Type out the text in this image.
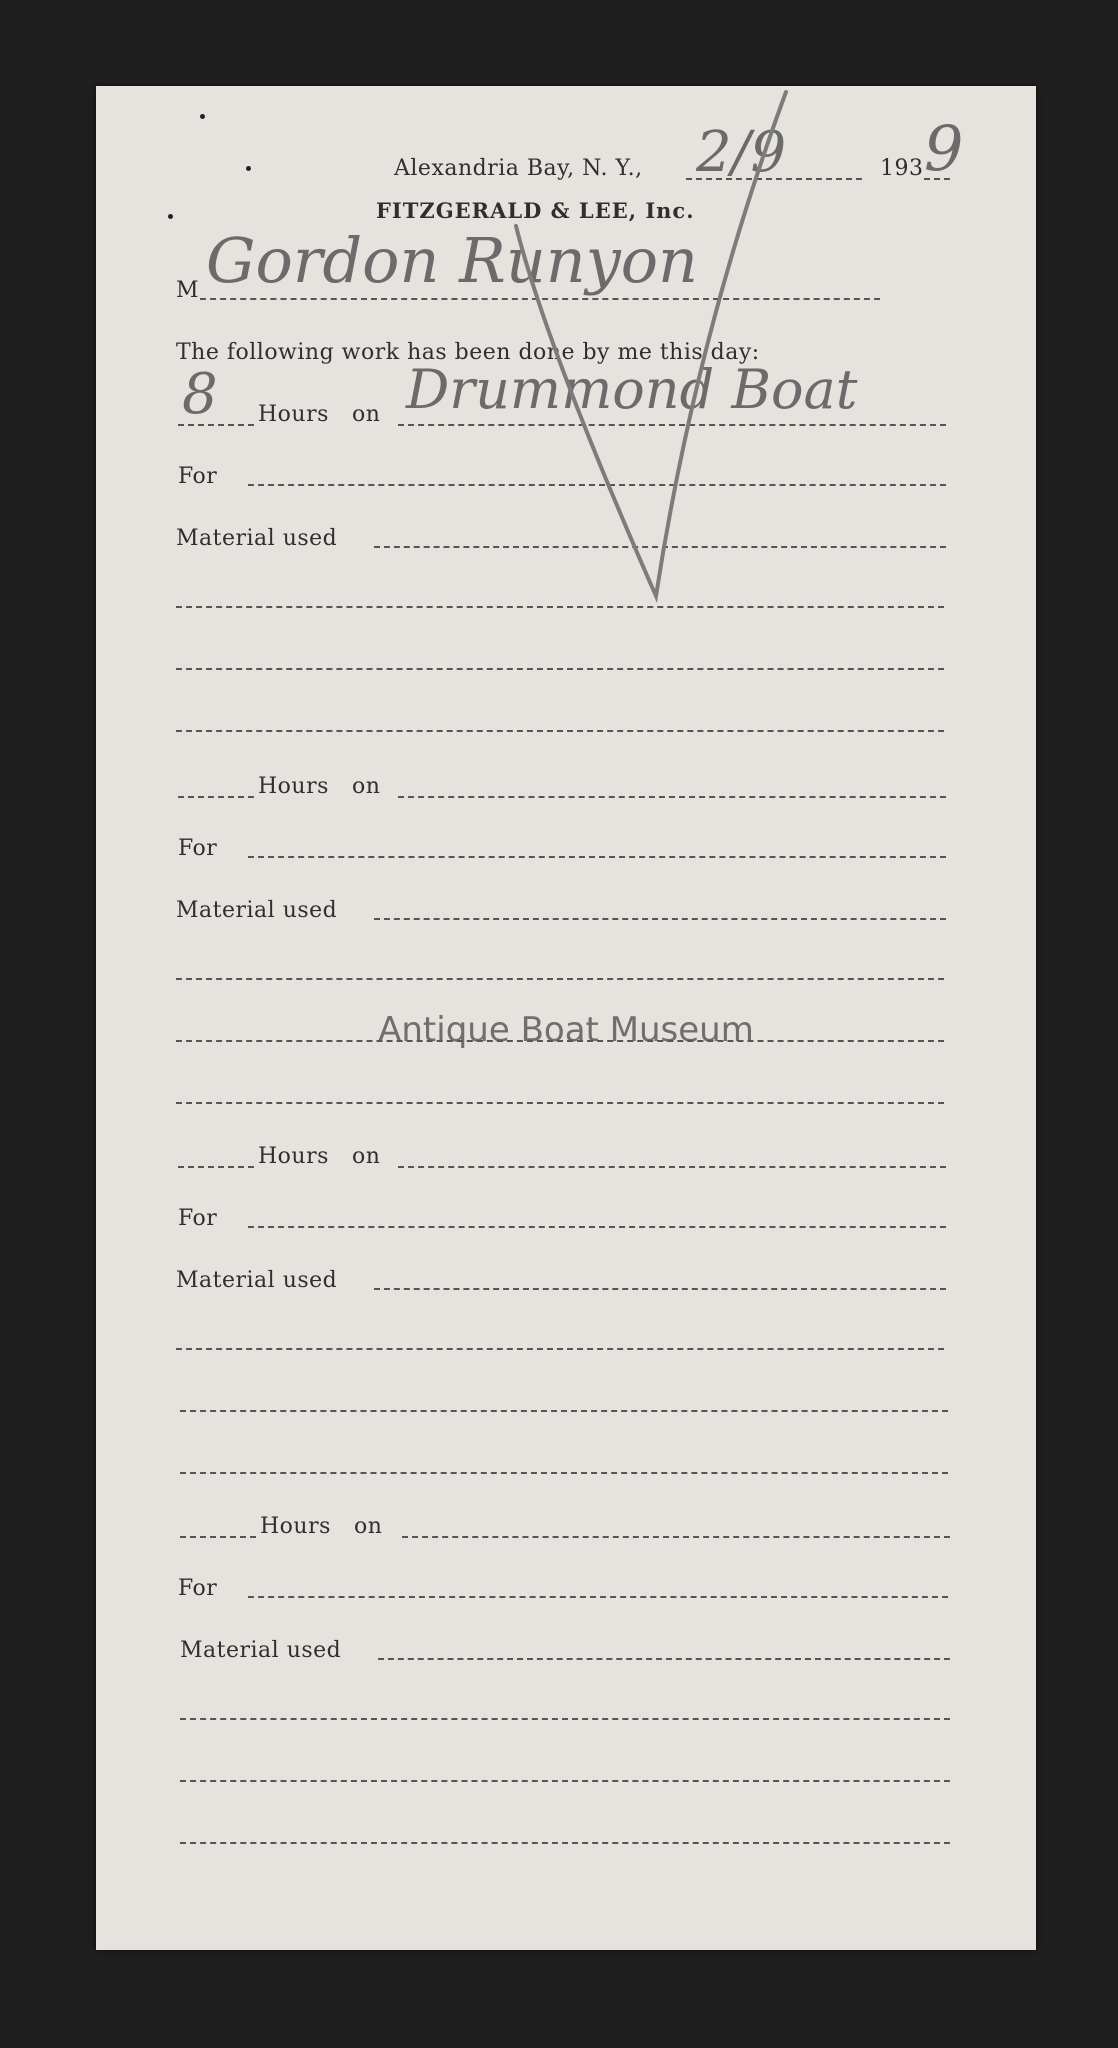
Alexandria Bay, N. Y.,	193
2/9 9
FITZGERALD & LEE, Inc.
M Gordon Runyon
The following work has been done by me this day:
8 Hours on Drummond Boat
For
Material used
Hours on
For
Material used
Hours on
For
Material used
Hours on
For
Material used
Antique Boat Museum
